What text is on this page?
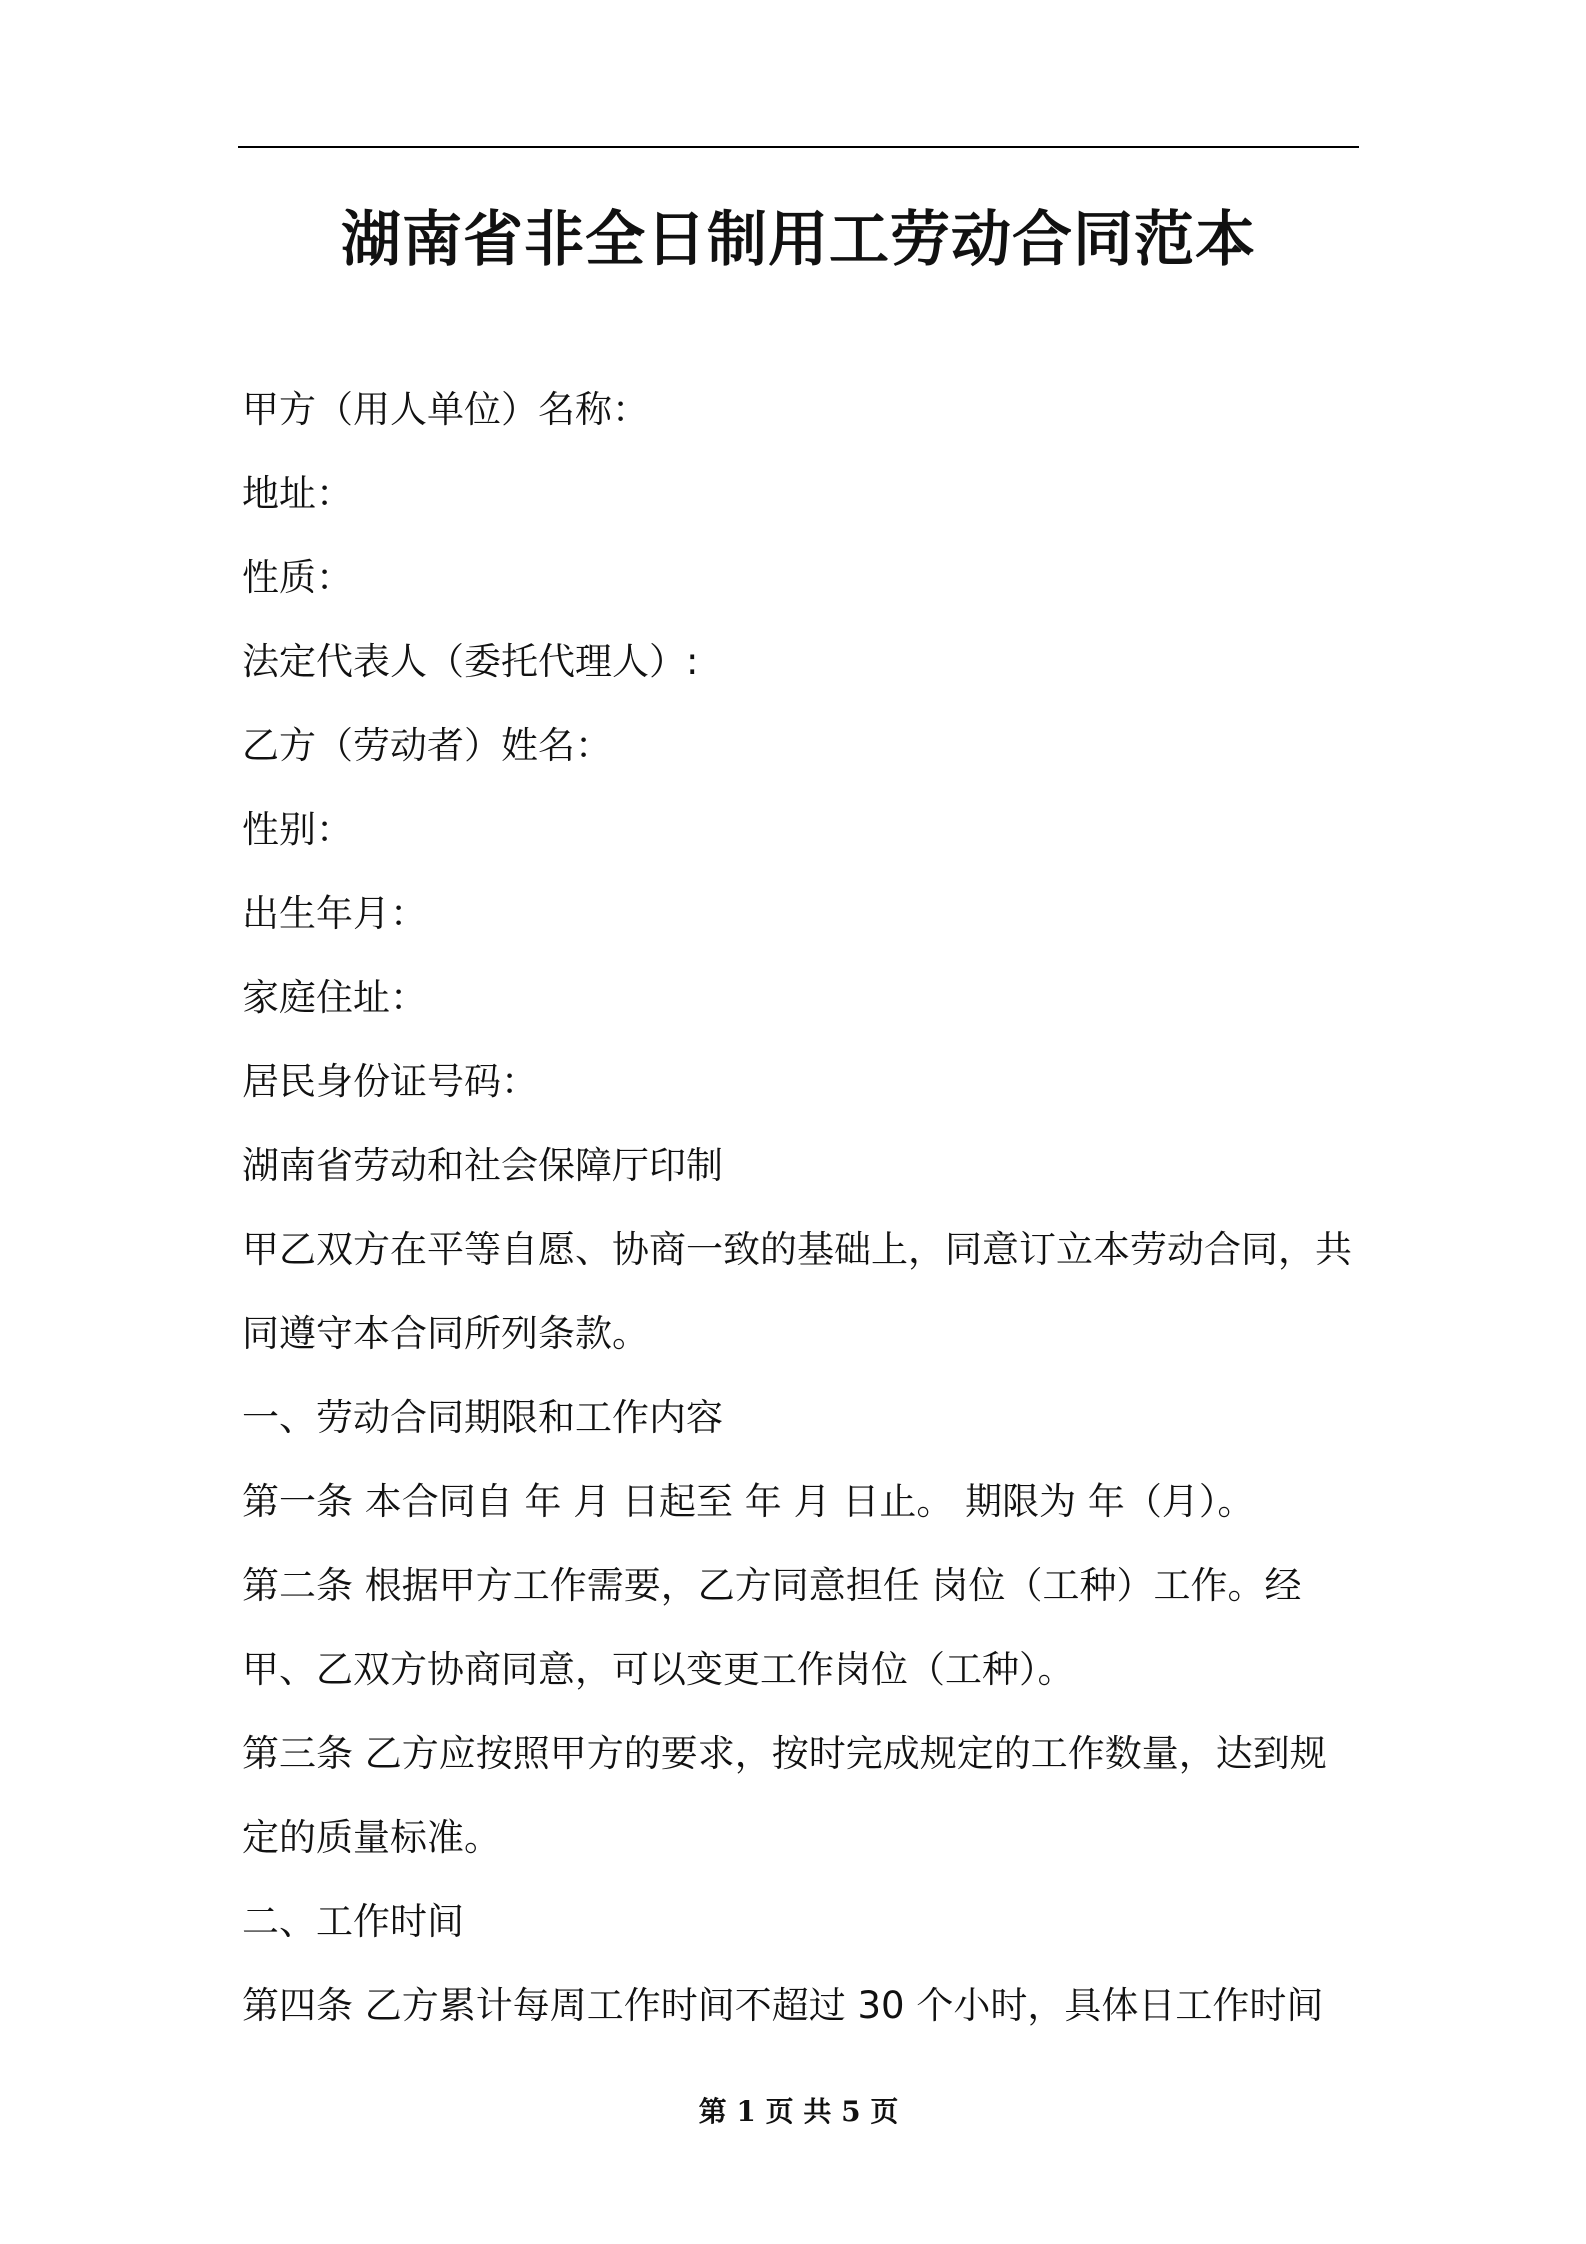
湖南省非全日制用工劳动合同范本

甲方（用人单位）名称：

地址：

性质：

法定代表人（委托代理人）:

乙方（劳动者）姓名：

性别：

出生年月：

家庭住址：

居民身份证号码：

湖南省劳动和社会保障厅印制

甲乙双方在平等自愿、协商一致的基础上，同意订立本劳动合同，共同遵守本合同所列条款。

一、劳动合同期限和工作内容

第一条 本合同自 年 月 日起至 年 月 日止。 期限为 年（月）。

第二条 根据甲方工作需要，乙方同意担任 岗位（工种）工作。经甲、乙双方协商同意，可以变更工作岗位（工种）。

第三条 乙方应按照甲方的要求，按时完成规定的工作数量，达到规定的质量标准。

二、工作时间

第四条 乙方累计每周工作时间不超过 30 个小时，具体日工作时间

第 1 页 共 5 页
